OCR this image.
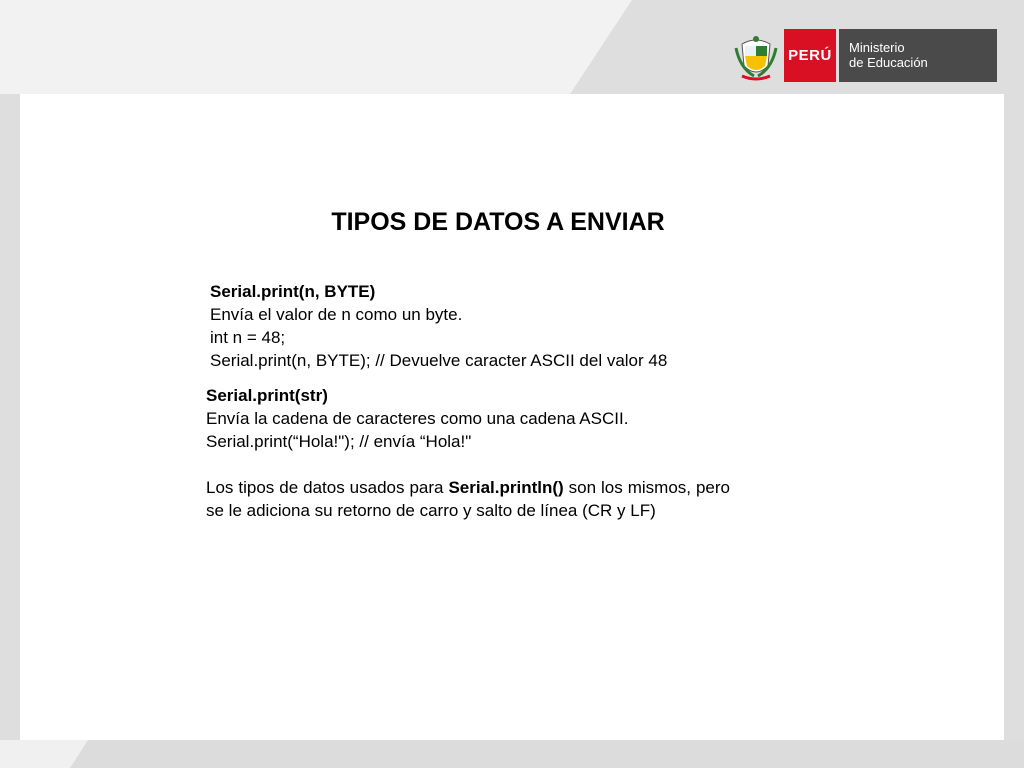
PERÚ	Ministerio
de Educación
TIPOS DE DATOS A ENVIAR
Serial.print(n, BYTE)
Envía el valor de n como un byte.
int n = 48;
Serial.print(n, BYTE); // Devuelve caracter ASCII del valor 48
Serial.print(str)
Envía la cadena de caracteres como una cadena ASCII.
Serial.print(“Hola!"); // envía “Hola!"
Los tipos de datos usados para Serial.println() son los mismos, pero se le adiciona su retorno de carro y salto de línea (CR y LF)
